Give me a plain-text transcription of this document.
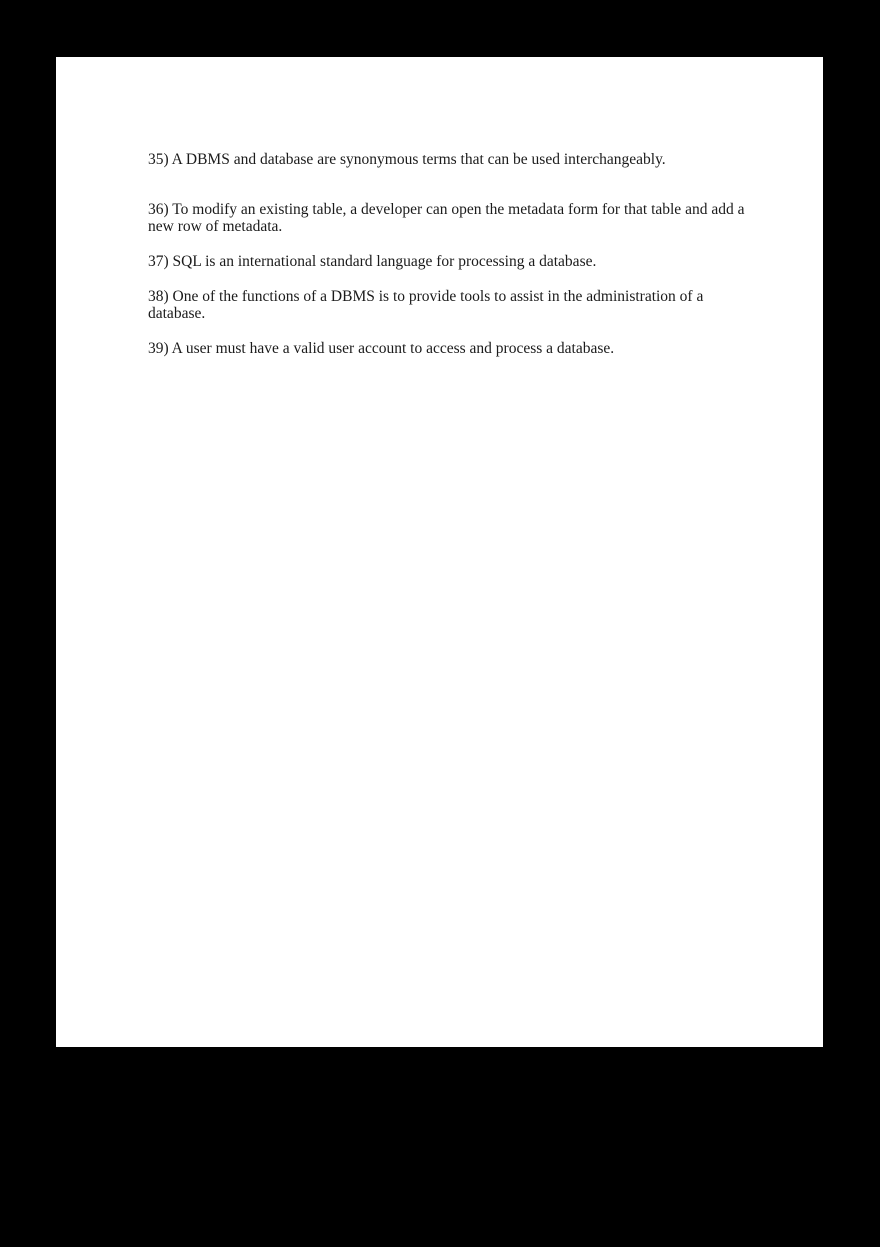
35) A DBMS and database are synonymous terms that can be used interchangeably.

36) To modify an existing table, a developer can open the metadata form for that table and add a
new row of metadata.

37) SQL is an international standard language for processing a database.

38) One of the functions of a DBMS is to provide tools to assist in the administration of a
database.

39) A user must have a valid user account to access and process a database.
